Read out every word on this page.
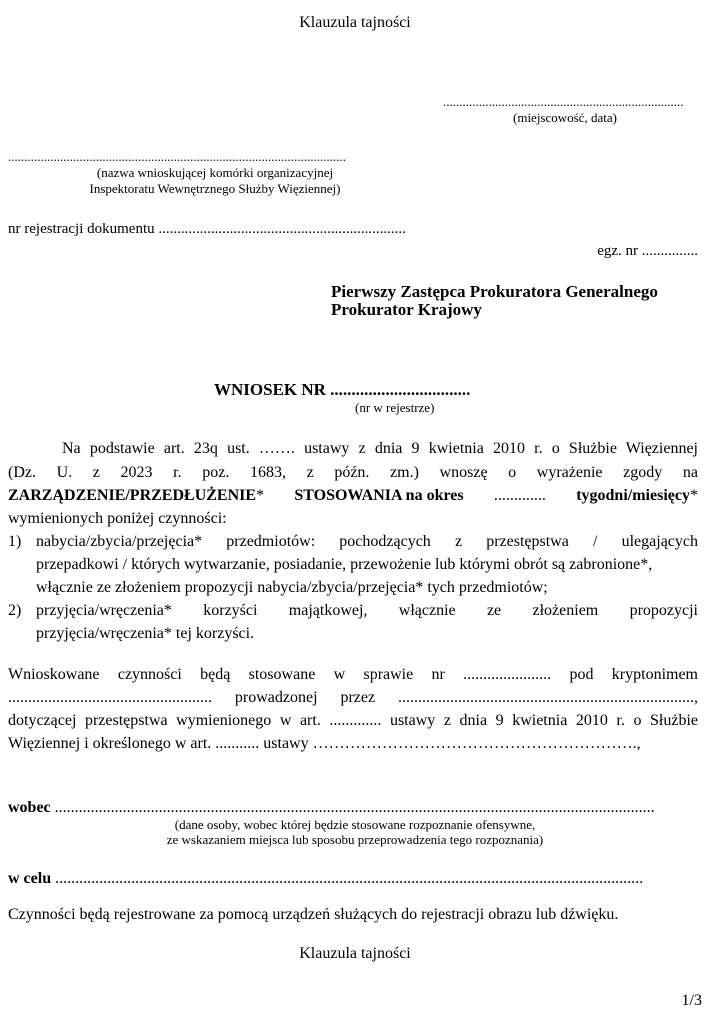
Klauzula tajności
..........................................................................
(miejscowość, data)
........................................................................................................
(nazwa wnioskującej komórki organizacyjnej
Inspektoratu Wewnętrznego Służby Więziennej)
nr rejestracji dokumentu ..................................................................
egz. nr ...............
Pierwszy Zastępca Prokuratora Generalnego
Prokurator Krajowy
WNIOSEK NR .................................
(nr w rejestrze)
Na podstawie art. 23q ust. ……. ustawy z dnia 9 kwietnia 2010 r. o Służbie Więziennej
(Dz. U. z 2023 r. poz. 1683, z późn. zm.) wnoszę o wyrażenie zgody na
ZARZĄDZENIE/PRZEDŁUŻENIE* STOSOWANIA na okres ............. tygodni/miesięcy*
wymienionych poniżej czynności:
1) nabycia/zbycia/przejęcia* przedmiotów: pochodzących z przestępstwa / ulegających
przepadkowi / których wytwarzanie, posiadanie, przewożenie lub którymi obrót są zabronione*,
włącznie ze złożeniem propozycji nabycia/zbycia/przejęcia* tych przedmiotów;
2) przyjęcia/wręczenia* korzyści majątkowej, włącznie ze złożeniem propozycji
przyjęcia/wręczenia* tej korzyści.
Wnioskowane czynności będą stosowane w sprawie nr ...................... pod kryptonimem
................................................... prowadzonej przez ..........................................................................,
dotyczącej przestępstwa wymienionego w art. ............. ustawy z dnia 9 kwietnia 2010 r. o Służbie
Więziennej i określonego w art. ........... ustawy …………………………………………………….,
wobec ......................................................................................................................................................
(dane osoby, wobec której będzie stosowane rozpoznanie ofensywne,
ze wskazaniem miejsca lub sposobu przeprowadzenia tego rozpoznania)
w celu ...................................................................................................................................................
Czynności będą rejestrowane za pomocą urządzeń służących do rejestracji obrazu lub dźwięku.
Klauzula tajności
1/3
